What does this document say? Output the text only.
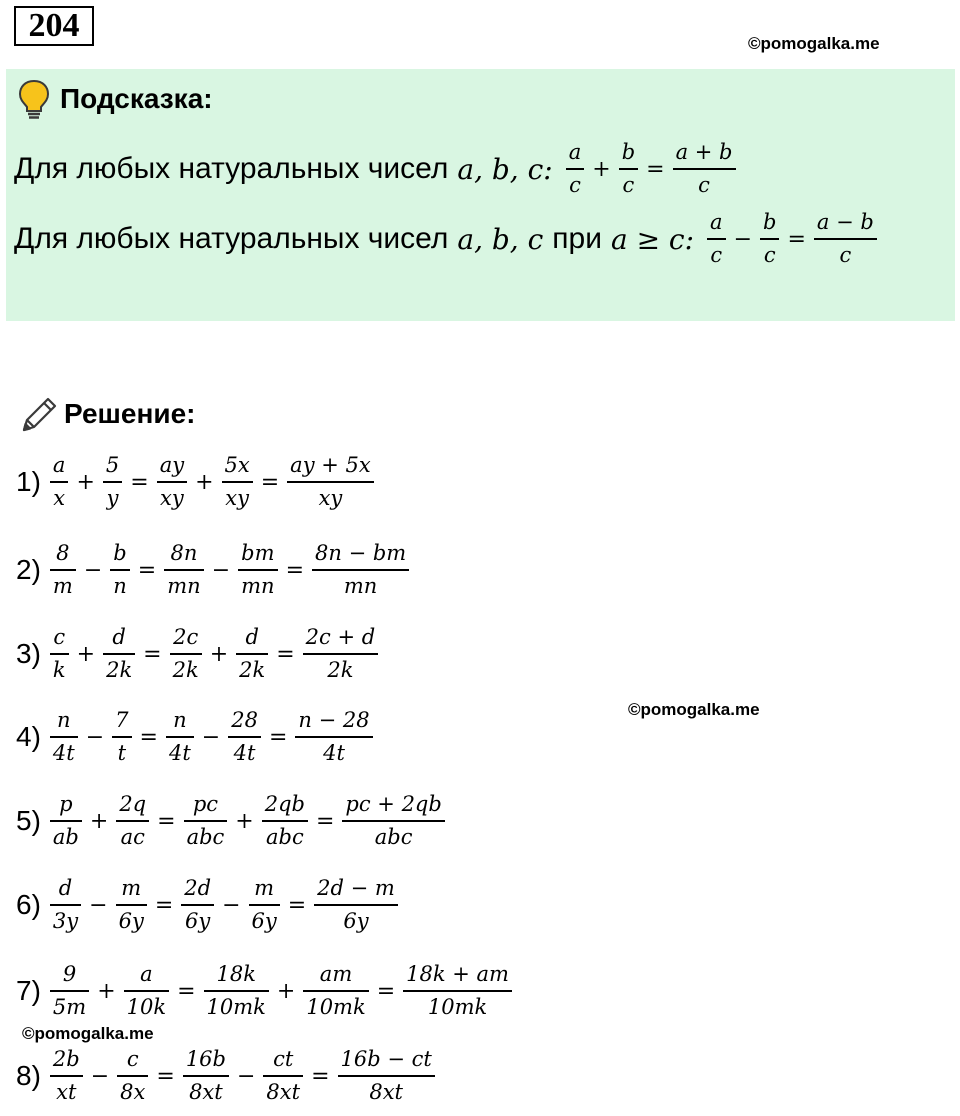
204	©pomogalka.me
©pomogalka.me
©pomogalka.me
Подсказка:
Для любых натуральных чисел a, b, c: $\frac{a}{c} + \frac{b}{c} = \frac{a + b}{c}$
Для любых натуральных чисел a, b, c при a ≥ c: $\frac{a}{c} - \frac{b}{c} = \frac{a - b}{c}$
Решение:
$1) \frac{a}{x} + \frac{5}{y} = \frac{ay}{xy} + \frac{5x}{xy} = \frac{ay + 5x}{xy}$
$2) \frac{8}{m} - \frac{b}{n} = \frac{8n}{mn} - \frac{bm}{mn} = \frac{8n - bm}{mn}$
$3) \frac{c}{k} + \frac{d}{2k} = \frac{2c}{2k} + \frac{d}{2k} = \frac{2c + d}{2k}$
$4) \frac{n}{4t} - \frac{7}{t} = \frac{n}{4t} - \frac{28}{4t} = \frac{n - 28}{4t}$
$5) \frac{p}{ab} + \frac{2q}{ac} = \frac{pc}{\text{abc}} + \frac{2qb}{\text{abc}} = \frac{pc + 2qb}{\text{abc}}$
$6) \frac{d}{3y} - \frac{m}{6y} = \frac{2d}{6y} - \frac{m}{6y} = \frac{2d - m}{6y}$
$7) \frac{9}{5m} + \frac{a}{10k} = \frac{18k}{10mk} + \frac{am}{10mk} = \frac{18k + am}{10mk}$
$8) \frac{2b}{xt} - \frac{c}{8x} = \frac{16b}{8xt} - \frac{ct}{8xt} = \frac{16b - ct}{8xt}$
